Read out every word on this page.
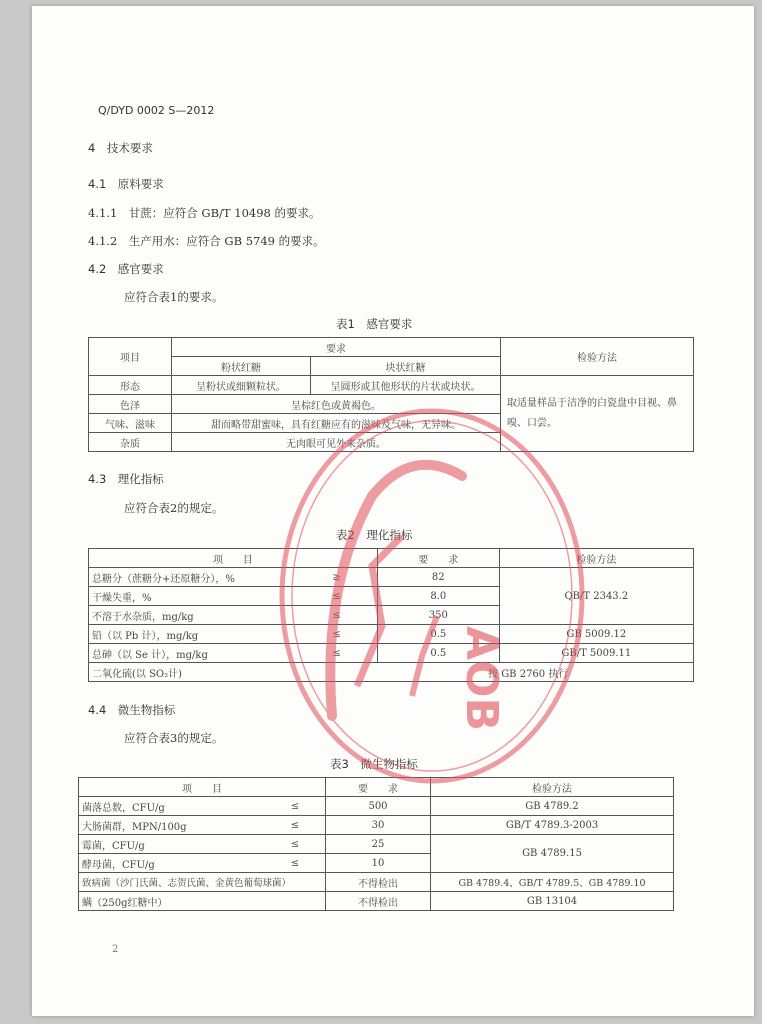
Q/DYD 0002 S—2012
4　技术要求
4.1　原料要求
4.1.1　甘蔗：应符合 GB/T 10498 的要求。
4.1.2　生产用水：应符合 GB 5749 的要求。
4.2　感官要求
应符合表1的要求。
表1　感官要求
项目	要求		检验方法
	粉状红糖	块状红糖	
形态	呈粉状或细颗粒状。	呈圆形或其他形状的片状或块状。	取适量样品于洁净的白瓷盘中目视、鼻嗅、口尝。
色泽	呈棕红色或黄褐色。		
气味、滋味	甜而略带甜蜜味，具有红糖应有的滋味及气味，无异味。		
杂质	无肉眼可见外来杂质。		
4.3　理化指标
应符合表2的规定。
表2　理化指标
项　　目		要　　求	检验方法
总糖分（蔗糖分+还原糖分），%	≥	82	QB/T 2343.2
干燥失重，%	≤	8.0	
不溶于水杂质，mg/kg	≤	350	
铅（以 Pb 计），mg/kg	≤	0.5	GB 5009.12
总砷（以 Se 计），mg/kg	≤	0.5	GB/T 5009.11
二氧化硫(以 SO₂计)	按 GB 2760 执行		
4.4　微生物指标
应符合表3的规定。
表3　微生物指标
项　　目		要　　求	检验方法
菌落总数，CFU/g	≤	500	GB 4789.2
大肠菌群，MPN/100g	≤	30	GB/T 4789.3-2003
霉菌，CFU/g	≤	25	GB 4789.15
酵母菌，CFU/g	≤	10	
致病菌（沙门氏菌、志贺氏菌、金黄色葡萄球菌）		不得检出	GB 4789.4、GB/T 4789.5、GB 4789.10
螨（250g红糖中）		不得检出	GB 13104
2
AOB
